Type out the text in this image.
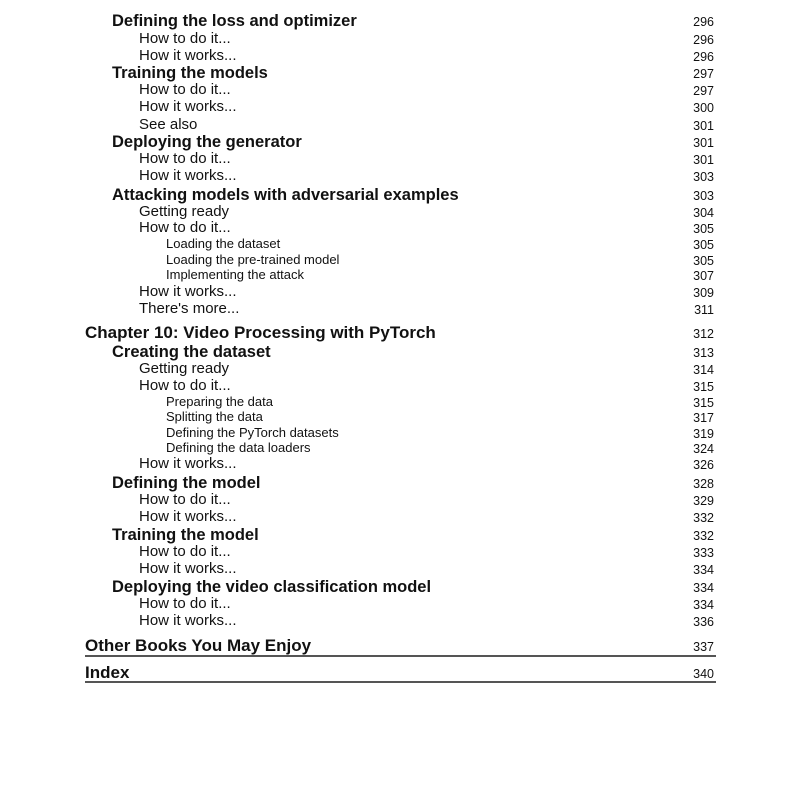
Defining the loss and optimizer	296
How to do it...	296
How it works...	296
Training the models	297
How to do it...	297
How it works...	300
See also	301
Deploying the generator	301
How to do it...	301
How it works...	303
Attacking models with adversarial examples	303
Getting ready	304
How to do it...	305
Loading the dataset	305
Loading the pre-trained model	305
Implementing the attack	307
How it works...	309
There's more...	311
Chapter 10: Video Processing with PyTorch	312
Creating the dataset	313
Getting ready	314
How to do it...	315
Preparing the data	315
Splitting the data	317
Defining the PyTorch datasets	319
Defining the data loaders	324
How it works...	326
Defining the model	328
How to do it...	329
How it works...	332
Training the model	332
How to do it...	333
How it works...	334
Deploying the video classification model	334
How to do it...	334
How it works...	336
Other Books You May Enjoy	337
Index	340
